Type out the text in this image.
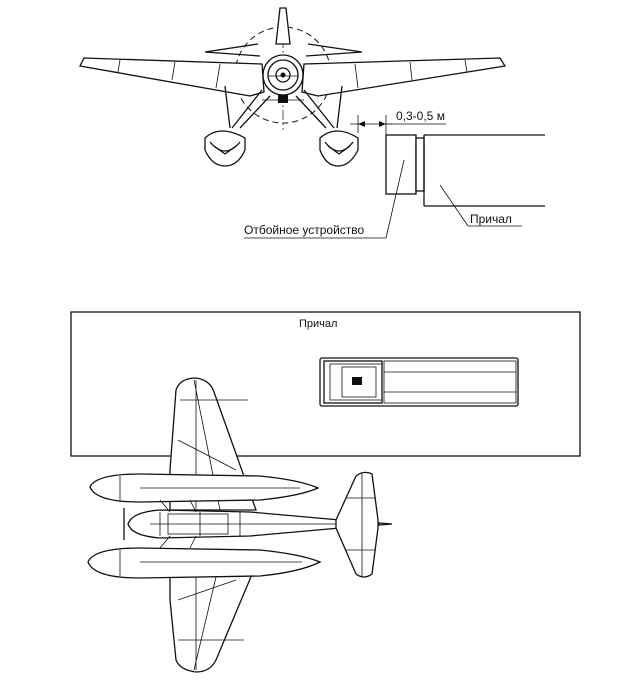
0,3-0,5 м
Отбойное устройство
Причал
Причал
